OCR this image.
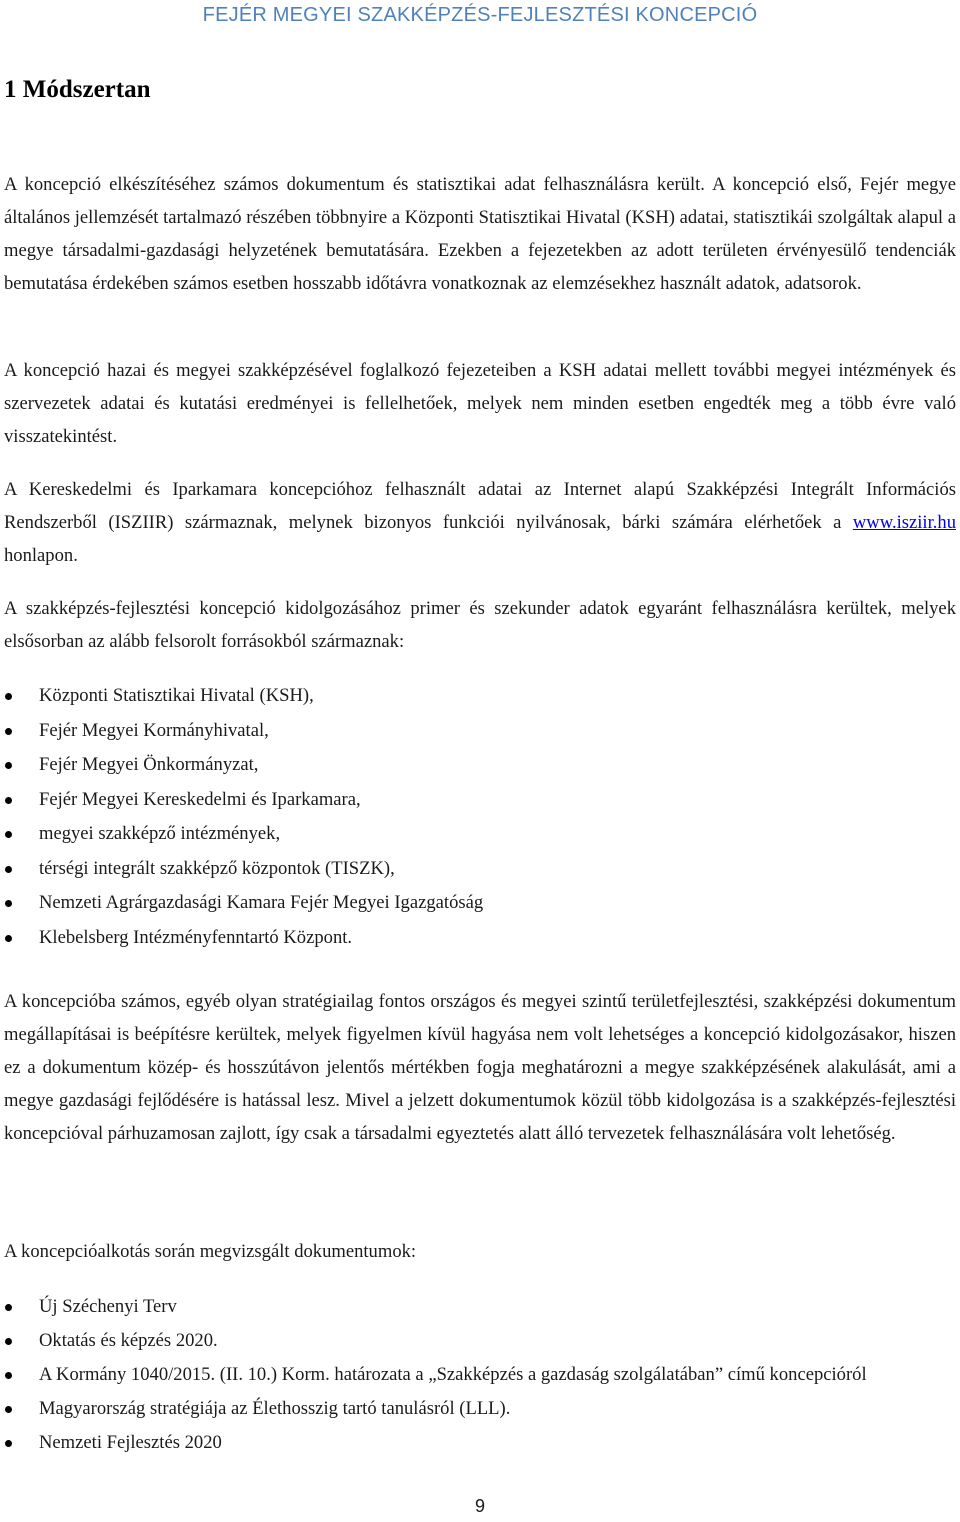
FEJÉR MEGYEI SZAKKÉPZÉS-FEJLESZTÉSI KONCEPCIÓ
1 Módszertan

A koncepció elkészítéséhez számos dokumentum és statisztikai adat felhasználásra került. A koncepció első, Fejér megye általános jellemzését tartalmazó részében többnyire a Központi Statisztikai Hivatal (KSH) adatai, statisztikái szolgáltak alapul a megye társadalmi-gazdasági helyzetének bemutatására. Ezekben a fejezetekben az adott területen érvényesülő tendenciák bemutatása érdekében számos esetben hosszabb időtávra vonatkoznak az elemzésekhez használt adatok, adatsorok.

A koncepció hazai és megyei szakképzésével foglalkozó fejezeteiben a KSH adatai mellett további megyei intézmények és szervezetek adatai és kutatási eredményei is fellelhetőek, melyek nem minden esetben engedték meg a több évre való visszatekintést.

A Kereskedelmi és Iparkamara koncepcióhoz felhasznált adatai az Internet alapú Szakképzési Integrált Információs Rendszerből (ISZIIR) származnak, melynek bizonyos funkciói nyilvánosak, bárki számára elérhetőek a www.isziir.hu honlapon.

A szakképzés-fejlesztési koncepció kidolgozásához primer és szekunder adatok egyaránt felhasználásra kerültek, melyek elsősorban az alább felsorolt forrásokból származnak:

Központi Statisztikai Hivatal (KSH),
Fejér Megyei Kormányhivatal,
Fejér Megyei Önkormányzat,
Fejér Megyei Kereskedelmi és Iparkamara,
megyei szakképző intézmények,
térségi integrált szakképző központok (TISZK),
Nemzeti Agrárgazdasági Kamara Fejér Megyei Igazgatóság
Klebelsberg Intézményfenntartó Központ.

A koncepcióba számos, egyéb olyan stratégiailag fontos országos és megyei szintű területfejlesztési, szakképzési dokumentum megállapításai is beépítésre kerültek, melyek figyelmen kívül hagyása nem volt lehetséges a koncepció kidolgozásakor, hiszen ez a dokumentum közép- és hosszútávon jelentős mértékben fogja meghatározni a megye szakképzésének alakulását, ami a megye gazdasági fejlődésére is hatással lesz. Mivel a jelzett dokumentumok közül több kidolgozása is a szakképzés-fejlesztési koncepcióval párhuzamosan zajlott, így csak a társadalmi egyeztetés alatt álló tervezetek felhasználására volt lehetőség.

A koncepcióalkotás során megvizsgált dokumentumok:

Új Széchenyi Terv
Oktatás és képzés 2020.
A Kormány 1040/2015. (II. 10.) Korm. határozata a „Szakképzés a gazdaság szolgálatában” című koncepcióról
Magyarország stratégiája az Élethosszig tartó tanulásról (LLL).
Nemzeti Fejlesztés 2020
9
